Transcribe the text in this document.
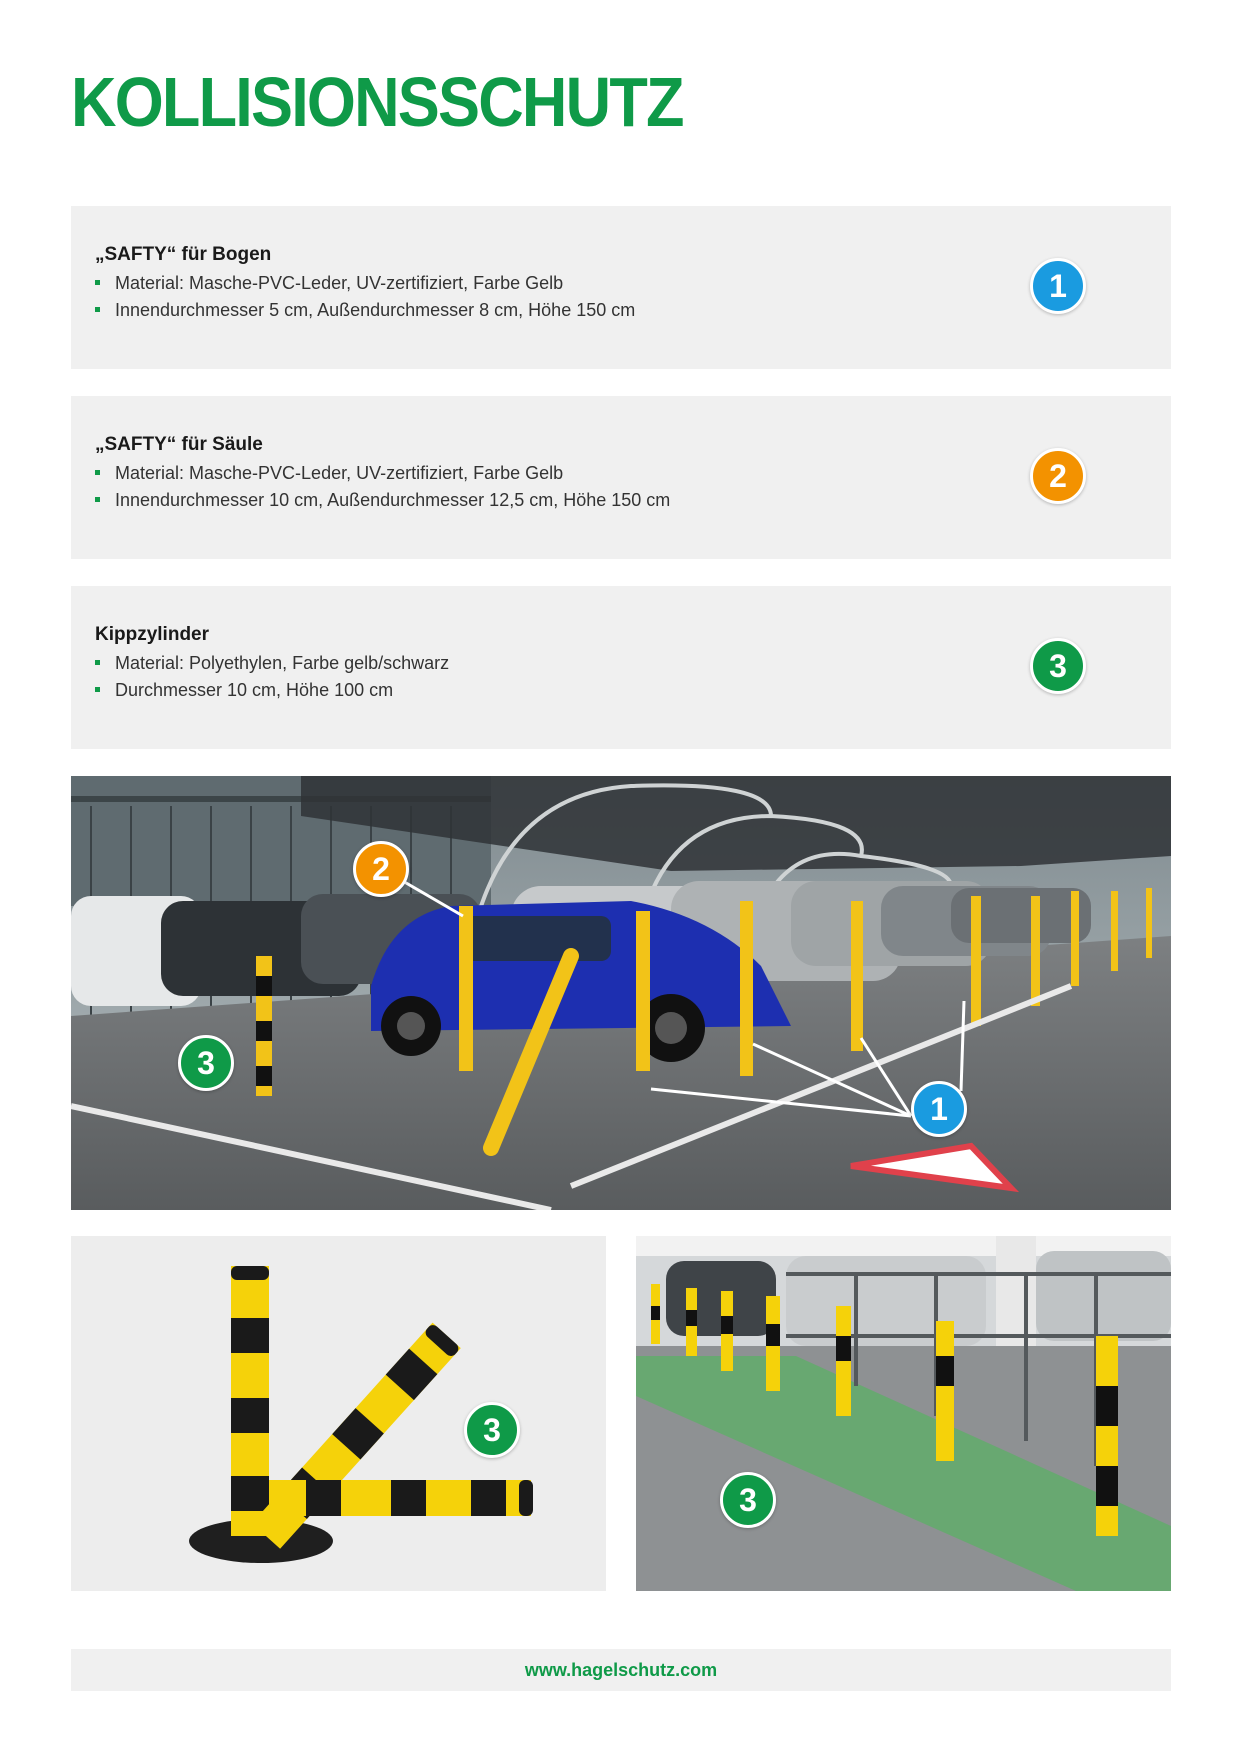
KOLLISIONSSCHUTZ
„SAFTY“ für Bogen
Material: Masche-PVC-Leder, UV-zertifiziert, Farbe Gelb
Innendurchmesser 5 cm, Außendurchmesser 8 cm, Höhe 150 cm
1
„SAFTY“ für Säule
Material: Masche-PVC-Leder, UV-zertifiziert, Farbe Gelb
Innendurchmesser 10 cm, Außendurchmesser 12,5 cm, Höhe 150 cm
2
Kippzylinder
Material: Polyethylen, Farbe gelb/schwarz
Durchmesser 10 cm, Höhe 100 cm
3
2
3
1
3
3
www.hagelschutz.com
